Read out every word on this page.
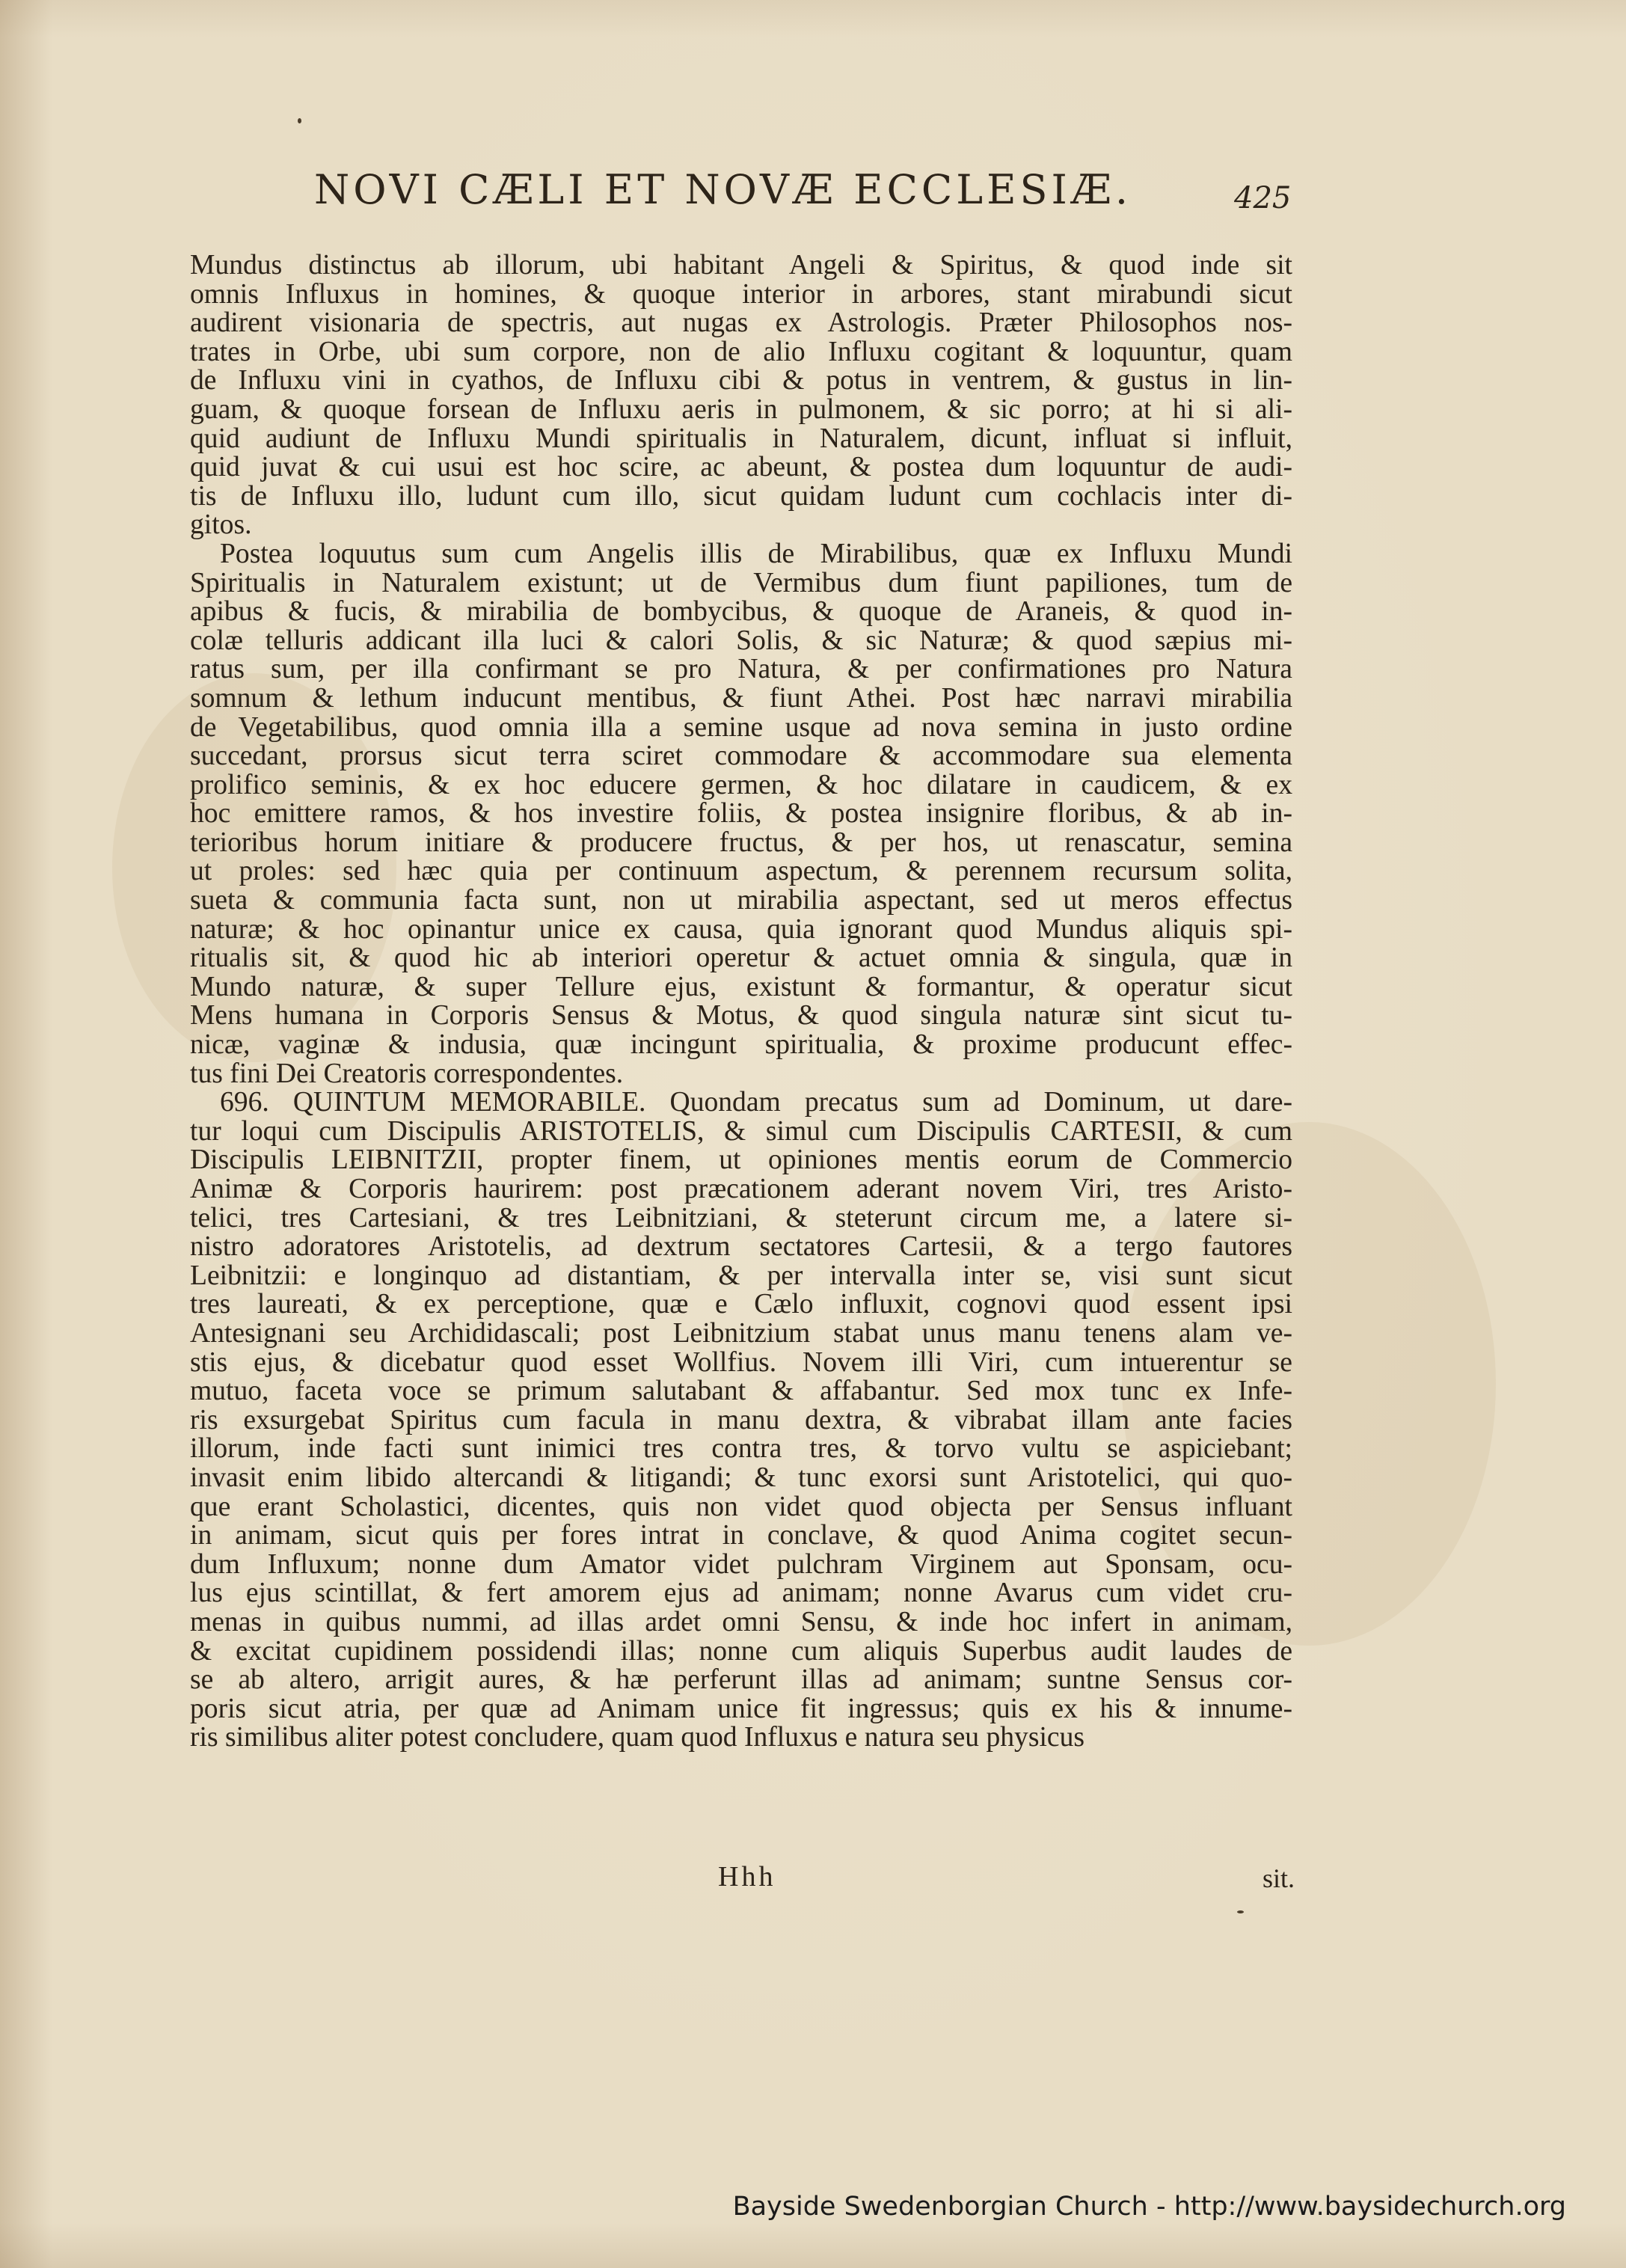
NOVI CÆLI ET NOVÆ ECCLESIÆ.	425
Mundus distinctus ab illorum, ubi habitant Angeli & Spiritus, & quod inde sit
omnis Influxus in homines, & quoque interior in arbores, stant mirabundi sicut
audirent visionaria de spectris, aut nugas ex Astrologis. Præter Philosophos nos-
trates in Orbe, ubi sum corpore, non de alio Influxu cogitant & loquuntur, quam
de Influxu vini in cyathos, de Influxu cibi & potus in ventrem, & gustus in lin-
guam, & quoque forsean de Influxu aeris in pulmonem, & sic porro; at hi si ali-
quid audiunt de Influxu Mundi spiritualis in Naturalem, dicunt, influat si influit,
quid juvat & cui usui est hoc scire, ac abeunt, & postea dum loquuntur de audi-
tis de Influxu illo, ludunt cum illo, sicut quidam ludunt cum cochlacis inter di-
gitos.
Postea loquutus sum cum Angelis illis de Mirabilibus, quæ ex Influxu Mundi
Spiritualis in Naturalem existunt; ut de Vermibus dum fiunt papiliones, tum de
apibus & fucis, & mirabilia de bombycibus, & quoque de Araneis, & quod in-
colæ telluris addicant illa luci & calori Solis, & sic Naturæ; & quod sæpius mi-
ratus sum, per illa confirmant se pro Natura, & per confirmationes pro Natura
somnum & lethum inducunt mentibus, & fiunt Athei. Post hæc narravi mirabilia
de Vegetabilibus, quod omnia illa a semine usque ad nova semina in justo ordine
succedant, prorsus sicut terra sciret commodare & accommodare sua elementa
prolifico seminis, & ex hoc educere germen, & hoc dilatare in caudicem, & ex
hoc emittere ramos, & hos investire foliis, & postea insignire floribus, & ab in-
terioribus horum initiare & producere fructus, & per hos, ut renascatur, semina
ut proles: sed hæc quia per continuum aspectum, & perennem recursum solita,
sueta & communia facta sunt, non ut mirabilia aspectant, sed ut meros effectus
naturæ; & hoc opinantur unice ex causa, quia ignorant quod Mundus aliquis spi-
ritualis sit, & quod hic ab interiori operetur & actuet omnia & singula, quæ in
Mundo naturæ, & super Tellure ejus, existunt & formantur, & operatur sicut
Mens humana in Corporis Sensus & Motus, & quod singula naturæ sint sicut tu-
nicæ, vaginæ & indusia, quæ incingunt spiritualia, & proxime producunt effec-
tus fini Dei Creatoris correspondentes.
696. QUINTUM MEMORABILE. Quondam precatus sum ad Dominum, ut dare-
tur loqui cum Discipulis ARISTOTELIS, & simul cum Discipulis CARTESII, & cum
Discipulis LEIBNITZII, propter finem, ut opiniones mentis eorum de Commercio
Animæ & Corporis haurirem: post præcationem aderant novem Viri, tres Aristo-
telici, tres Cartesiani, & tres Leibnitziani, & steterunt circum me, a latere si-
nistro adoratores Aristotelis, ad dextrum sectatores Cartesii, & a tergo fautores
Leibnitzii: e longinquo ad distantiam, & per intervalla inter se, visi sunt sicut
tres laureati, & ex perceptione, quæ e Cælo influxit, cognovi quod essent ipsi
Antesignani seu Archididascali; post Leibnitzium stabat unus manu tenens alam ve-
stis ejus, & dicebatur quod esset Wollfius. Novem illi Viri, cum intuerentur se
mutuo, faceta voce se primum salutabant & affabantur. Sed mox tunc ex Infe-
ris exsurgebat Spiritus cum facula in manu dextra, & vibrabat illam ante facies
illorum, inde facti sunt inimici tres contra tres, & torvo vultu se aspiciebant;
invasit enim libido altercandi & litigandi; & tunc exorsi sunt Aristotelici, qui quo-
que erant Scholastici, dicentes, quis non videt quod objecta per Sensus influant
in animam, sicut quis per fores intrat in conclave, & quod Anima cogitet secun-
dum Influxum; nonne dum Amator videt pulchram Virginem aut Sponsam, ocu-
lus ejus scintillat, & fert amorem ejus ad animam; nonne Avarus cum videt cru-
menas in quibus nummi, ad illas ardet omni Sensu, & inde hoc infert in animam,
& excitat cupidinem possidendi illas; nonne cum aliquis Superbus audit laudes de
se ab altero, arrigit aures, & hæ perferunt illas ad animam; suntne Sensus cor-
poris sicut atria, per quæ ad Animam unice fit ingressus; quis ex his & innume-
ris similibus aliter potest concludere, quam quod Influxus e natura seu physicus
Hhh	sit.
Bayside Swedenborgian Church - http://www.baysidechurch.org
